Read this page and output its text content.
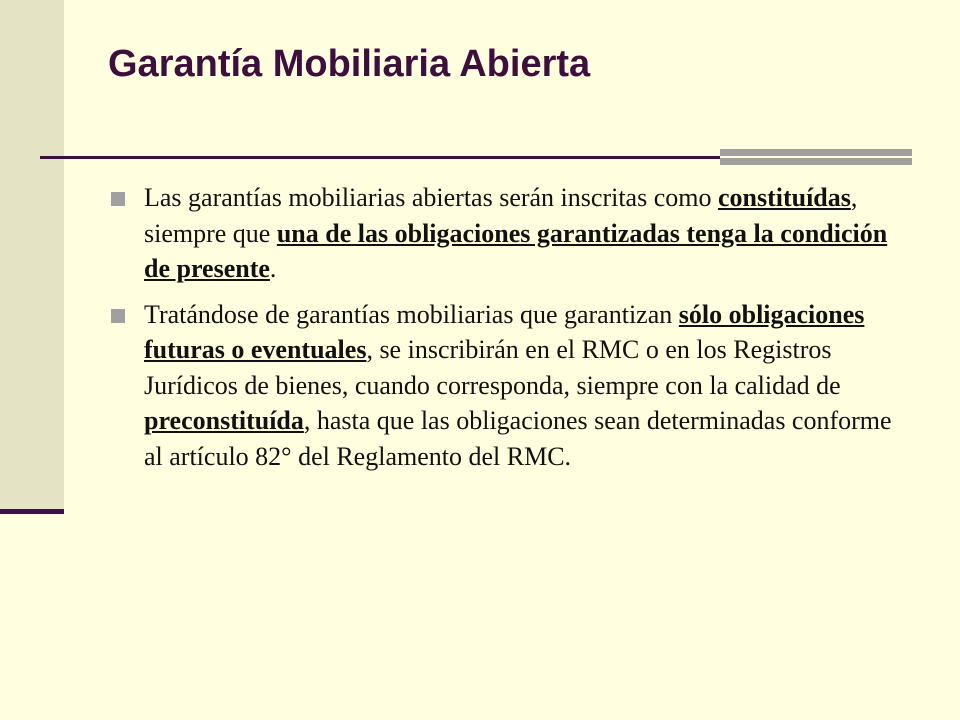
Garantía Mobiliaria Abierta
Las garantías mobiliarias abiertas serán inscritas como constituídas, siempre que una de las obligaciones garantizadas tenga la condición de presente.
Tratándose de garantías mobiliarias que garantizan sólo obligaciones futuras o eventuales, se inscribirán en el RMC o en los Registros Jurídicos de bienes, cuando corresponda, siempre con la calidad de preconstituída, hasta que las obligaciones sean determinadas conforme al artículo 82° del Reglamento del RMC.
